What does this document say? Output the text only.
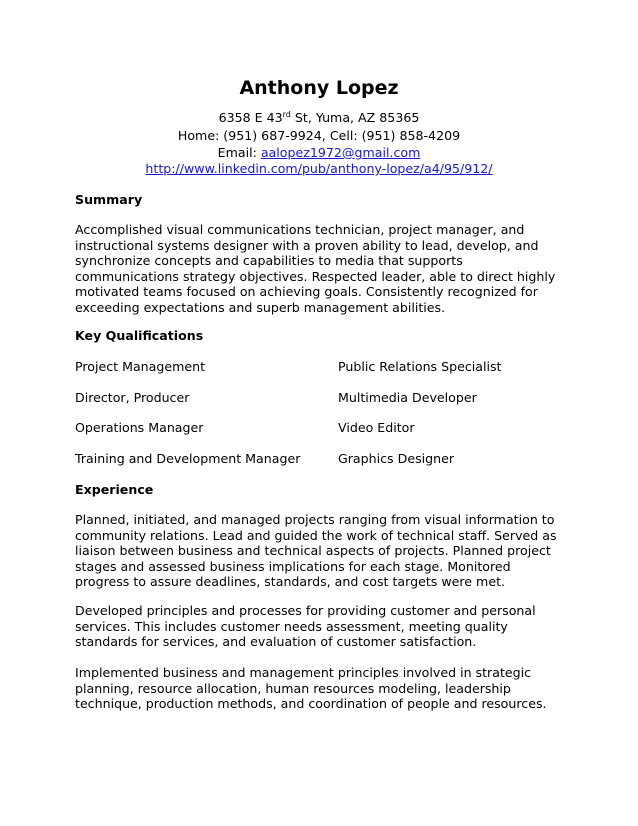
Anthony Lopez
6358 E 43rd St, Yuma, AZ 85365
Home: (951) 687-9924, Cell: (951) 858-4209
Email: aalopez1972@gmail.com
http://www.linkedin.com/pub/anthony-lopez/a4/95/912/
Summary

Accomplished visual communications technician, project manager, and
instructional systems designer with a proven ability to lead, develop, and
synchronize concepts and capabilities to media that supports
communications strategy objectives. Respected leader, able to direct highly
motivated teams focused on achieving goals. Consistently recognized for
exceeding expectations and superb management abilities.

Key Qualifications
Project Management	Public Relations Specialist
Director, Producer	Multimedia Developer
Operations Manager	Video Editor
Training and Development Manager	Graphics Designer
Experience

Planned, initiated, and managed projects ranging from visual information to
community relations. Lead and guided the work of technical staff. Served as
liaison between business and technical aspects of projects. Planned project
stages and assessed business implications for each stage. Monitored
progress to assure deadlines, standards, and cost targets were met.

Developed principles and processes for providing customer and personal
services. This includes customer needs assessment, meeting quality
standards for services, and evaluation of customer satisfaction.

Implemented business and management principles involved in strategic
planning, resource allocation, human resources modeling, leadership
technique, production methods, and coordination of people and resources.
